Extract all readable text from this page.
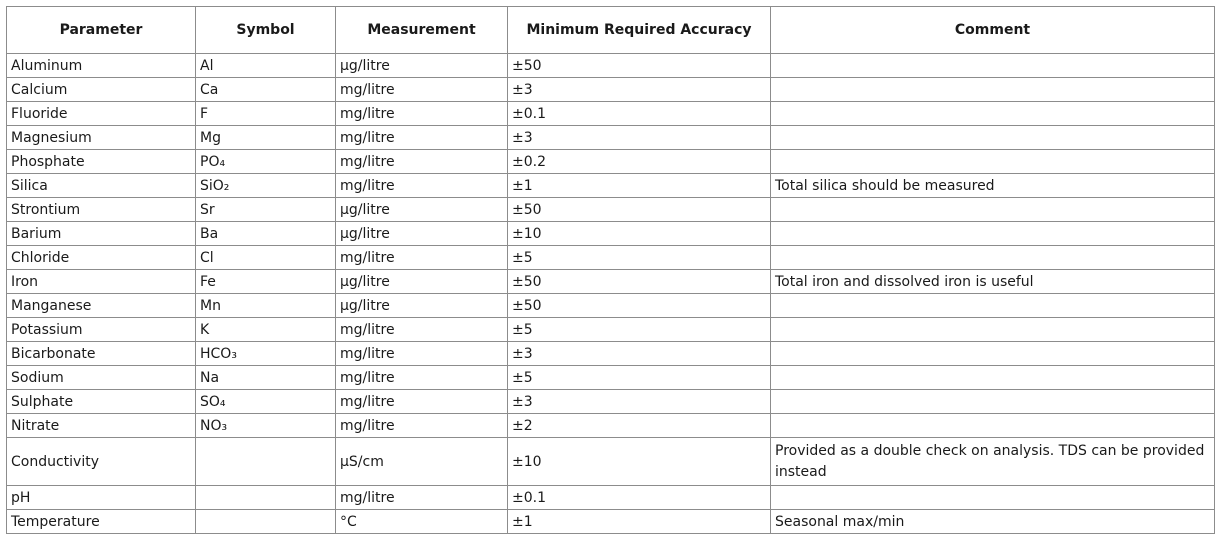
Parameter	Symbol	Measurement	Minimum Required Accuracy	Comment
Aluminum	Al	µg/litre	±50	
Calcium	Ca	mg/litre	±3	
Fluoride	F	mg/litre	±0.1	
Magnesium	Mg	mg/litre	±3	
Phosphate	PO₄	mg/litre	±0.2	
Silica	SiO₂	mg/litre	±1	Total silica should be measured
Strontium	Sr	µg/litre	±50	
Barium	Ba	µg/litre	±10	
Chloride	Cl	mg/litre	±5	
Iron	Fe	µg/litre	±50	Total iron and dissolved iron is useful
Manganese	Mn	µg/litre	±50	
Potassium	K	mg/litre	±5	
Bicarbonate	HCO₃	mg/litre	±3	
Sodium	Na	mg/litre	±5	
Sulphate	SO₄	mg/litre	±3	
Nitrate	NO₃	mg/litre	±2	
Conductivity		µS/cm	±10	Provided as a double check on analysis. TDS can be provided instead
pH		mg/litre	±0.1	
Temperature		°C	±1	Seasonal max/min
